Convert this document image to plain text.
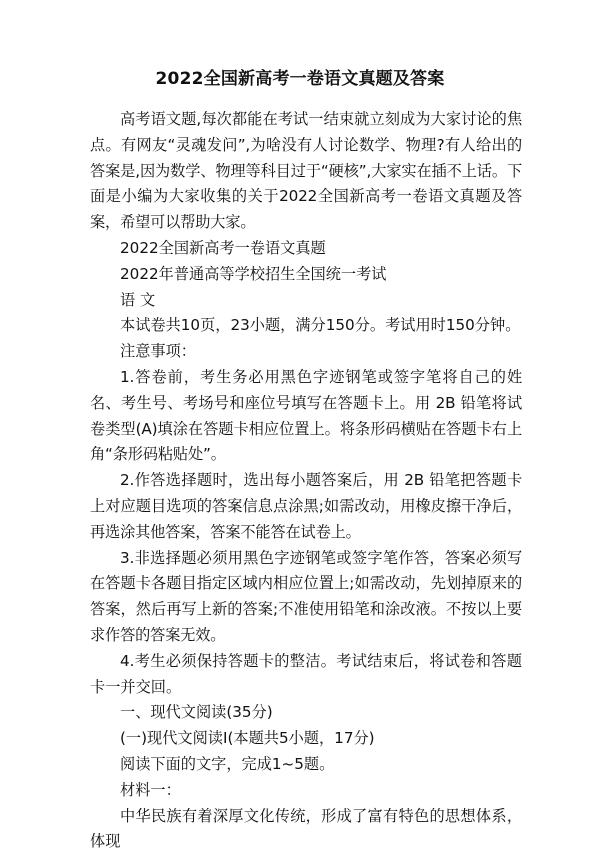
2022全国新高考一卷语文真题及答案

高考语文题,每次都能在考试一结束就立刻成为大家讨论的焦点。有网友“灵魂发问”,为啥没有人讨论数学、物理?有人给出的答案是,因为数学、物理等科目过于“硬核”,大家实在插不上话。下面是小编为大家收集的关于2022全国新高考一卷语文真题及答案，希望可以帮助大家。

2022全国新高考一卷语文真题

2022年普通高等学校招生全国统一考试

语 文

本试卷共10页，23小题，满分150分。考试用时150分钟。

注意事项：

1.答卷前，考生务必用黑色字迹钢笔或签字笔将自己的姓名、考生号、考场号和座位号填写在答题卡上。用 2B 铅笔将试卷类型(A)填涂在答题卡相应位置上。将条形码横贴在答题卡右上角“条形码粘贴处”。

2.作答选择题时，选出每小题答案后，用 2B 铅笔把答题卡上对应题目选项的答案信息点涂黑;如需改动，用橡皮擦干净后，再选涂其他答案，答案不能答在试卷上。

3.非选择题必须用黑色字迹钢笔或签字笔作答，答案必须写在答题卡各题目指定区域内相应位置上;如需改动，先划掉原来的答案，然后再写上新的答案;不准使用铅笔和涂改液。不按以上要求作答的答案无效。

4.考生必须保持答题卡的整洁。考试结束后，将试卷和答题卡一并交回。

一、现代文阅读(35分)

(一)现代文阅读Ⅰ(本题共5小题，17分)

阅读下面的文字，完成1~5题。

材料一：

中华民族有着深厚文化传统，形成了富有特色的思想体系，体现
